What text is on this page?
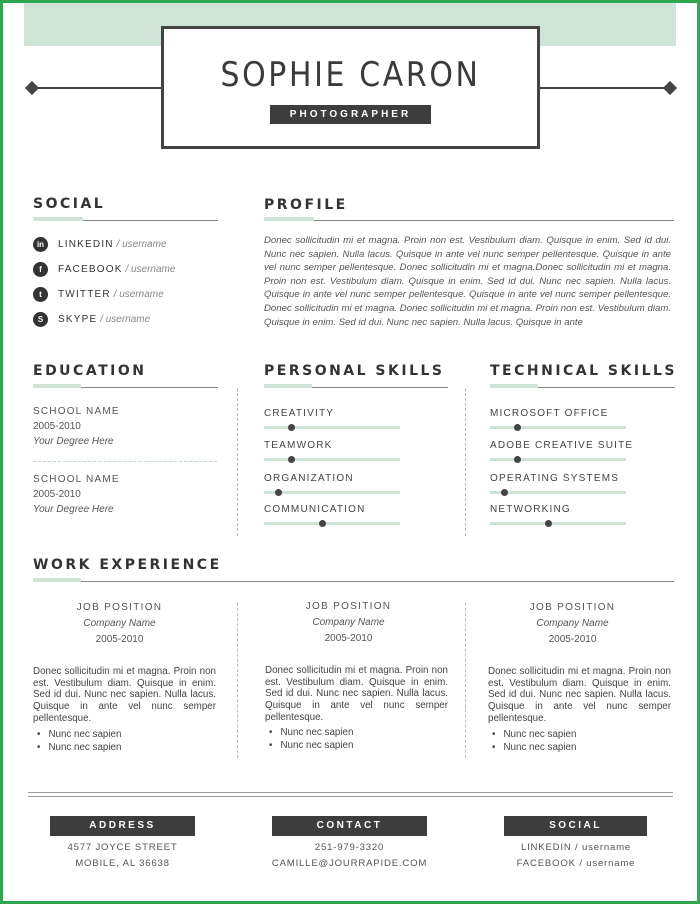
SOPHIE CARON
PHOTOGRAPHER
SOCIAL
in	LINKEDIN
/
username
f	FACEBOOK
/
username
t	TWITTER
/
username
S	SKYPE
/
username
PROFILE
Donec sollicitudin mi et magna. Proin non est. Vestibulum diam. Quisque in enim. Sed id dui. Nunc nec sapien. Nulla lacus. Quisque in ante vel nunc semper pellentesque. Quisque in ante vel nunc semper pellentesque. Donec sollicitudin mi et magna.Donec sollicitudin mi et magna. Proin non est. Vestibulum diam. Quisque in enim. Sed id dui. Nunc nec sapien. Nulla lacus. Quisque in ante vel nunc semper pellentesque. Quisque in ante vel nunc semper pellentesque. Donec sollicitudin mi et magna. Donec sollicitudin mi et magna. Proin non est. Vestibulum diam. Quisque in enim. Sed id dui. Nunc nec sapien. Nulla lacus. Quisque in ante
EDUCATION
SCHOOL NAME
2005-2010
Your Degree Here
SCHOOL NAME
2005-2010
Your Degree Here
PERSONAL SKILLS
CREATIVITY
TEAMWORK
ORGANIZATION
COMMUNICATION
TECHNICAL SKILLS
MICROSOFT OFFICE
ADOBE CREATIVE SUITE
OPERATING SYSTEMS
NETWORKING
WORK EXPERIENCE
JOB POSITION
Company Name
2005-2010
Donec sollicitudin mi et magna. Proin non est. Vestibulum diam. Quisque in enim. Sed id dui. Nunc nec sapien. Nulla lacus. Quisque in ante vel nunc semper pellentesque.
• Nunc nec sapien
• Nunc nec sapien
JOB POSITION
Company Name
2005-2010
Donec sollicitudin mi et magna. Proin non est. Vestibulum diam. Quisque in enim. Sed id dui. Nunc nec sapien. Nulla lacus. Quisque in ante vel nunc semper pellentesque.
• Nunc nec sapien
• Nunc nec sapien
JOB POSITION
Company Name
2005-2010
Donec sollicitudin mi et magna. Proin non est. Vestibulum diam. Quisque in enim. Sed id dui. Nunc nec sapien. Nulla lacus. Quisque in ante vel nunc semper pellentesque.
• Nunc nec sapien
• Nunc nec sapien
ADDRESS
4577 JOYCE STREET
MOBILE, AL 36638
CONTACT
251-979-3320
CAMILLE@JOURRAPIDE.COM
SOCIAL
LINKEDIN / username
FACEBOOK / username
